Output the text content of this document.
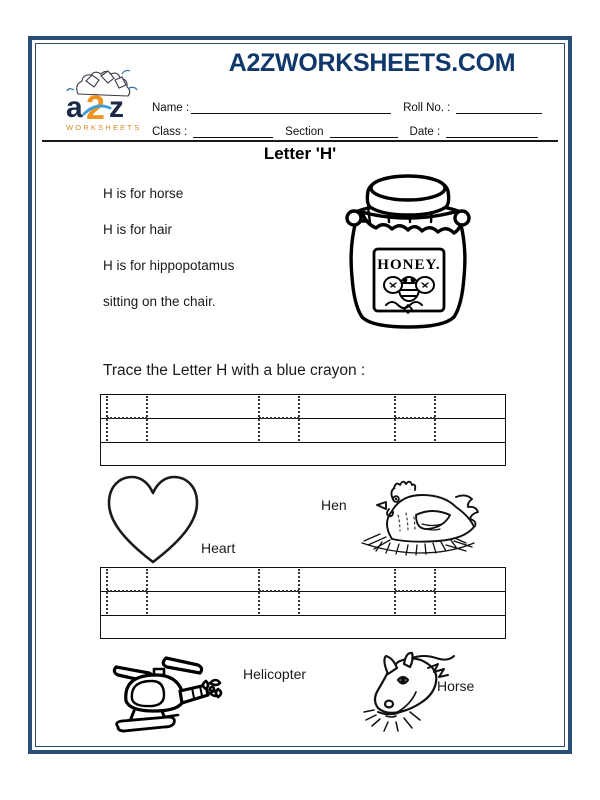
A2ZWORKSHEETS.COM
a 2 z
WORKSHEETS
Name :	Roll No. :
Class :	Section	Date :
Letter 'H'
H is for horse
H is for hair
H is for hippopotamus
sitting on the chair.
HONEY.
Trace the Letter H with a blue crayon :
Heart
Hen
Helicopter
Horse
